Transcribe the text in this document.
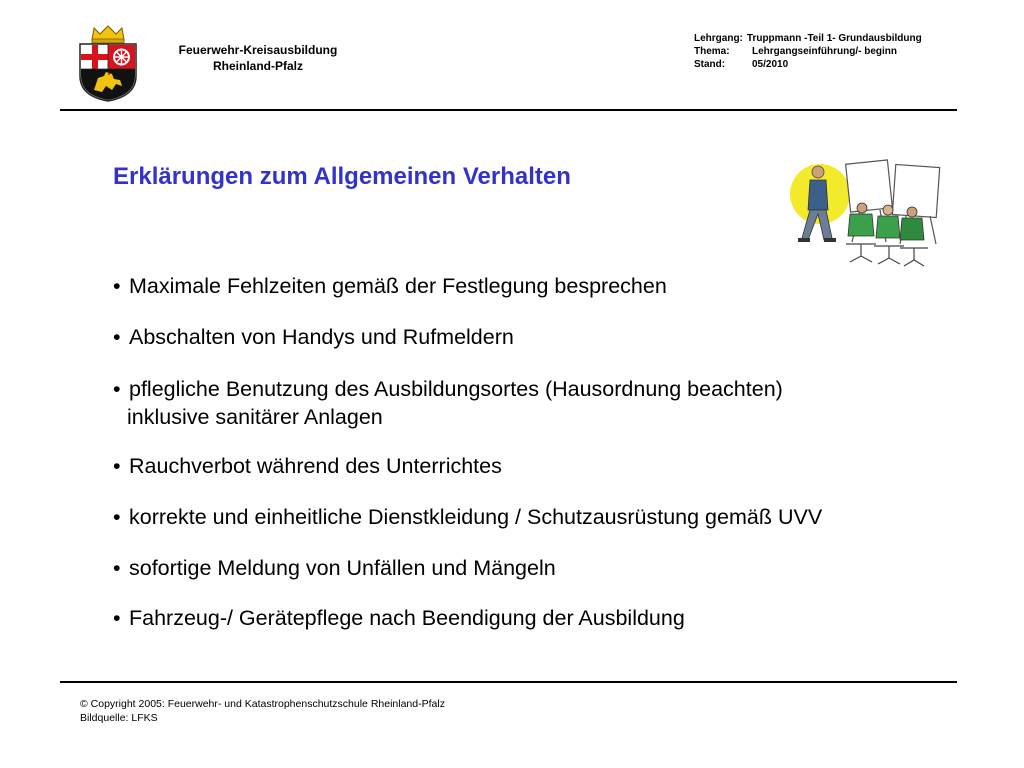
Feuerwehr-Kreisausbildung
Rheinland-Pfalz
Lehrgang: Truppmann -Teil 1- Grundausbildung
Thema:	Lehrgangseinführung/- beginn
Stand:	05/2010
Erklärungen zum Allgemeinen Verhalten
• Maximale Fehlzeiten gemäß der Festlegung besprechen
• Abschalten von Handys und Rufmeldern
• pflegliche Benutzung des Ausbildungsortes (Hausordnung beachten)
inklusive sanitärer Anlagen
• Rauchverbot während des Unterrichtes
• korrekte und einheitliche Dienstkleidung / Schutzausrüstung gemäß UVV
• sofortige Meldung von Unfällen und Mängeln
• Fahrzeug-/ Gerätepflege nach Beendigung der Ausbildung
© Copyright 2005: Feuerwehr- und Katastrophenschutzschule Rheinland-Pfalz
Bildquelle: LFKS
